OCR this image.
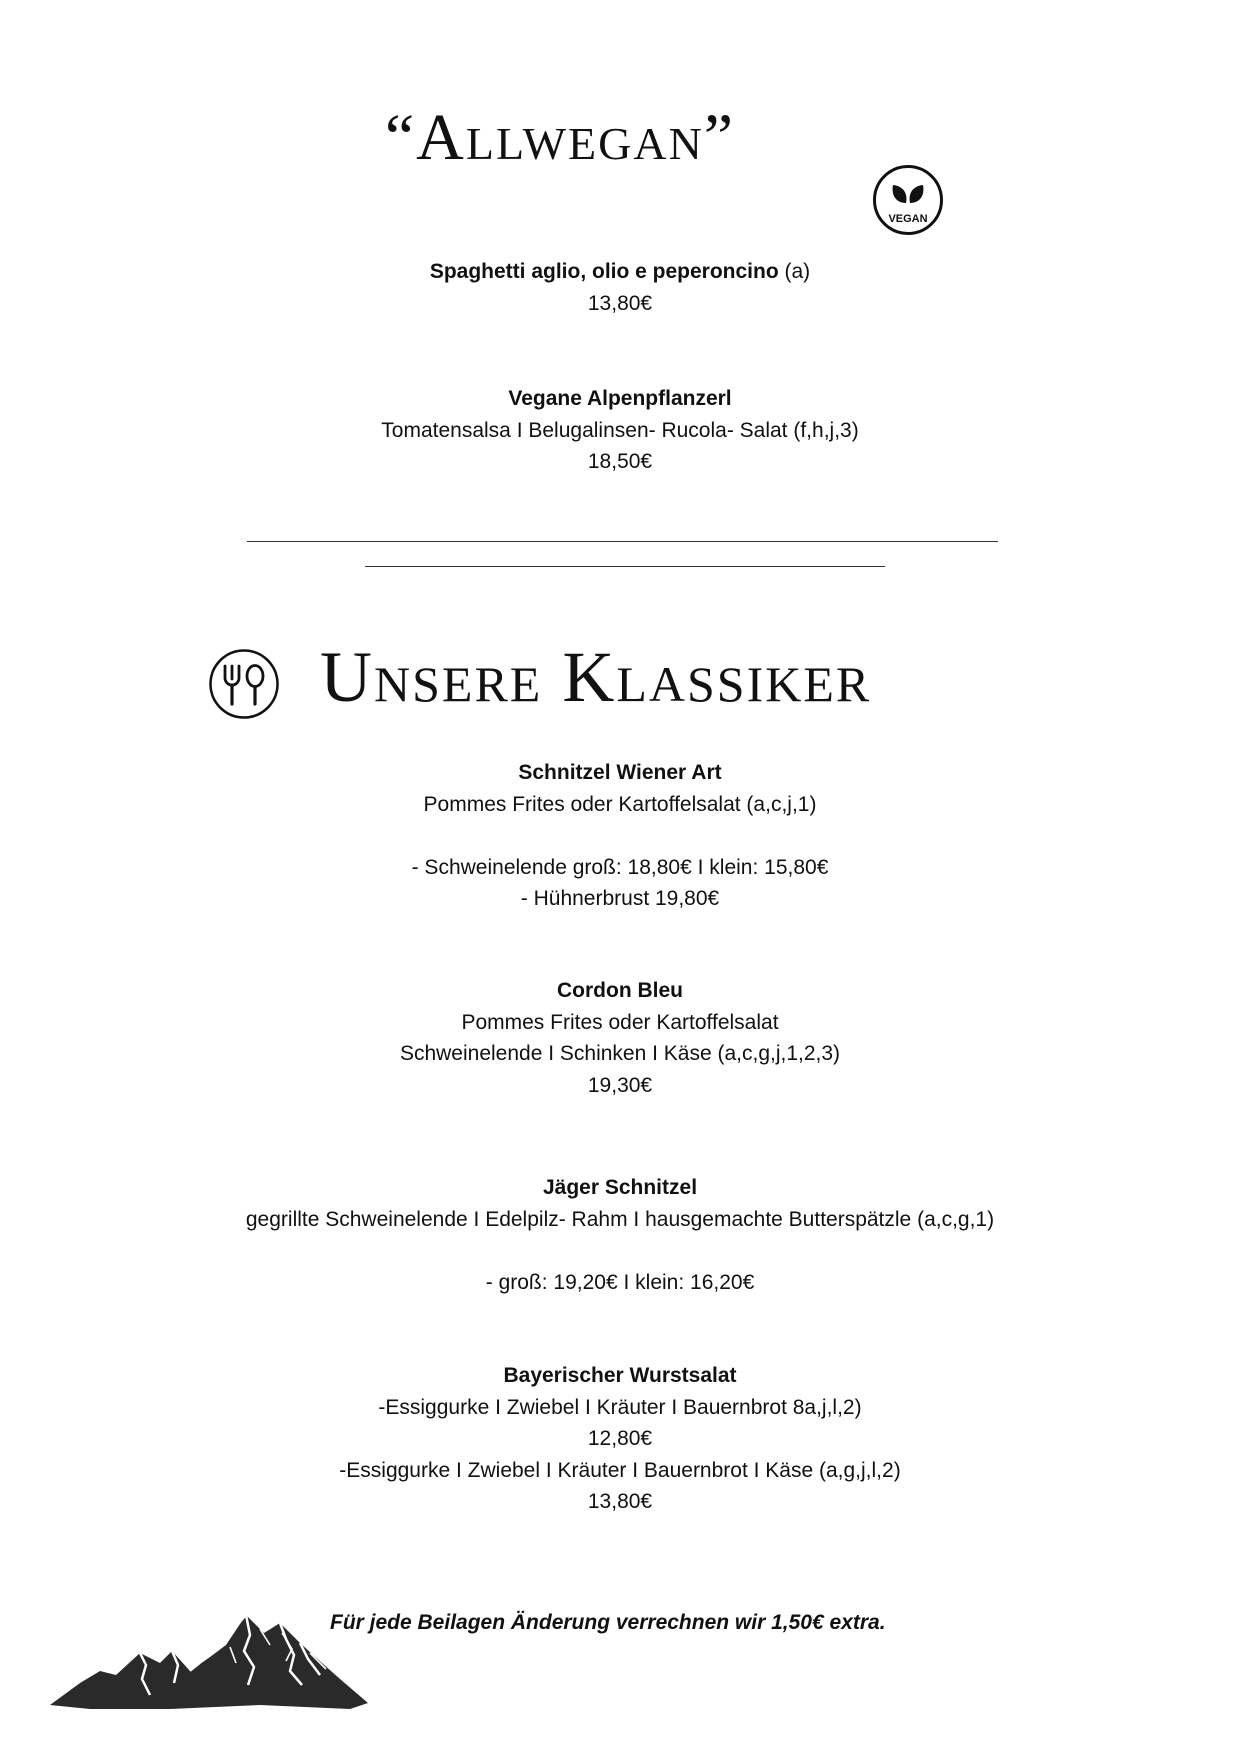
“Allwegan”
VEGAN

Spaghetti aglio, olio e peperoncino (a)

13,80€

Vegane Alpenpflanzerl

Tomatensalsa I Belugalinsen- Rucola- Salat (f,h,j,3)

18,50€

Unsere Klassiker

Schnitzel Wiener Art

Pommes Frites oder Kartoffelsalat (a,c,j,1)

- Schweinelende groß: 18,80€ I klein: 15,80€

- Hühnerbrust 19,80€

Cordon Bleu

Pommes Frites oder Kartoffelsalat

Schweinelende I Schinken I Käse (a,c,g,j,1,2,3)

19,30€

Jäger Schnitzel

gegrillte Schweinelende I Edelpilz- Rahm I hausgemachte Butterspätzle (a,c,g,1)

- groß: 19,20€ I klein: 16,20€

Bayerischer Wurstsalat

-Essiggurke I Zwiebel I Kräuter I Bauernbrot 8a,j,l,2)

12,80€

-Essiggurke I Zwiebel I Kräuter I Bauernbrot I Käse (a,g,j,l,2)

13,80€

Für jede Beilagen Änderung verrechnen wir 1,50€ extra.
